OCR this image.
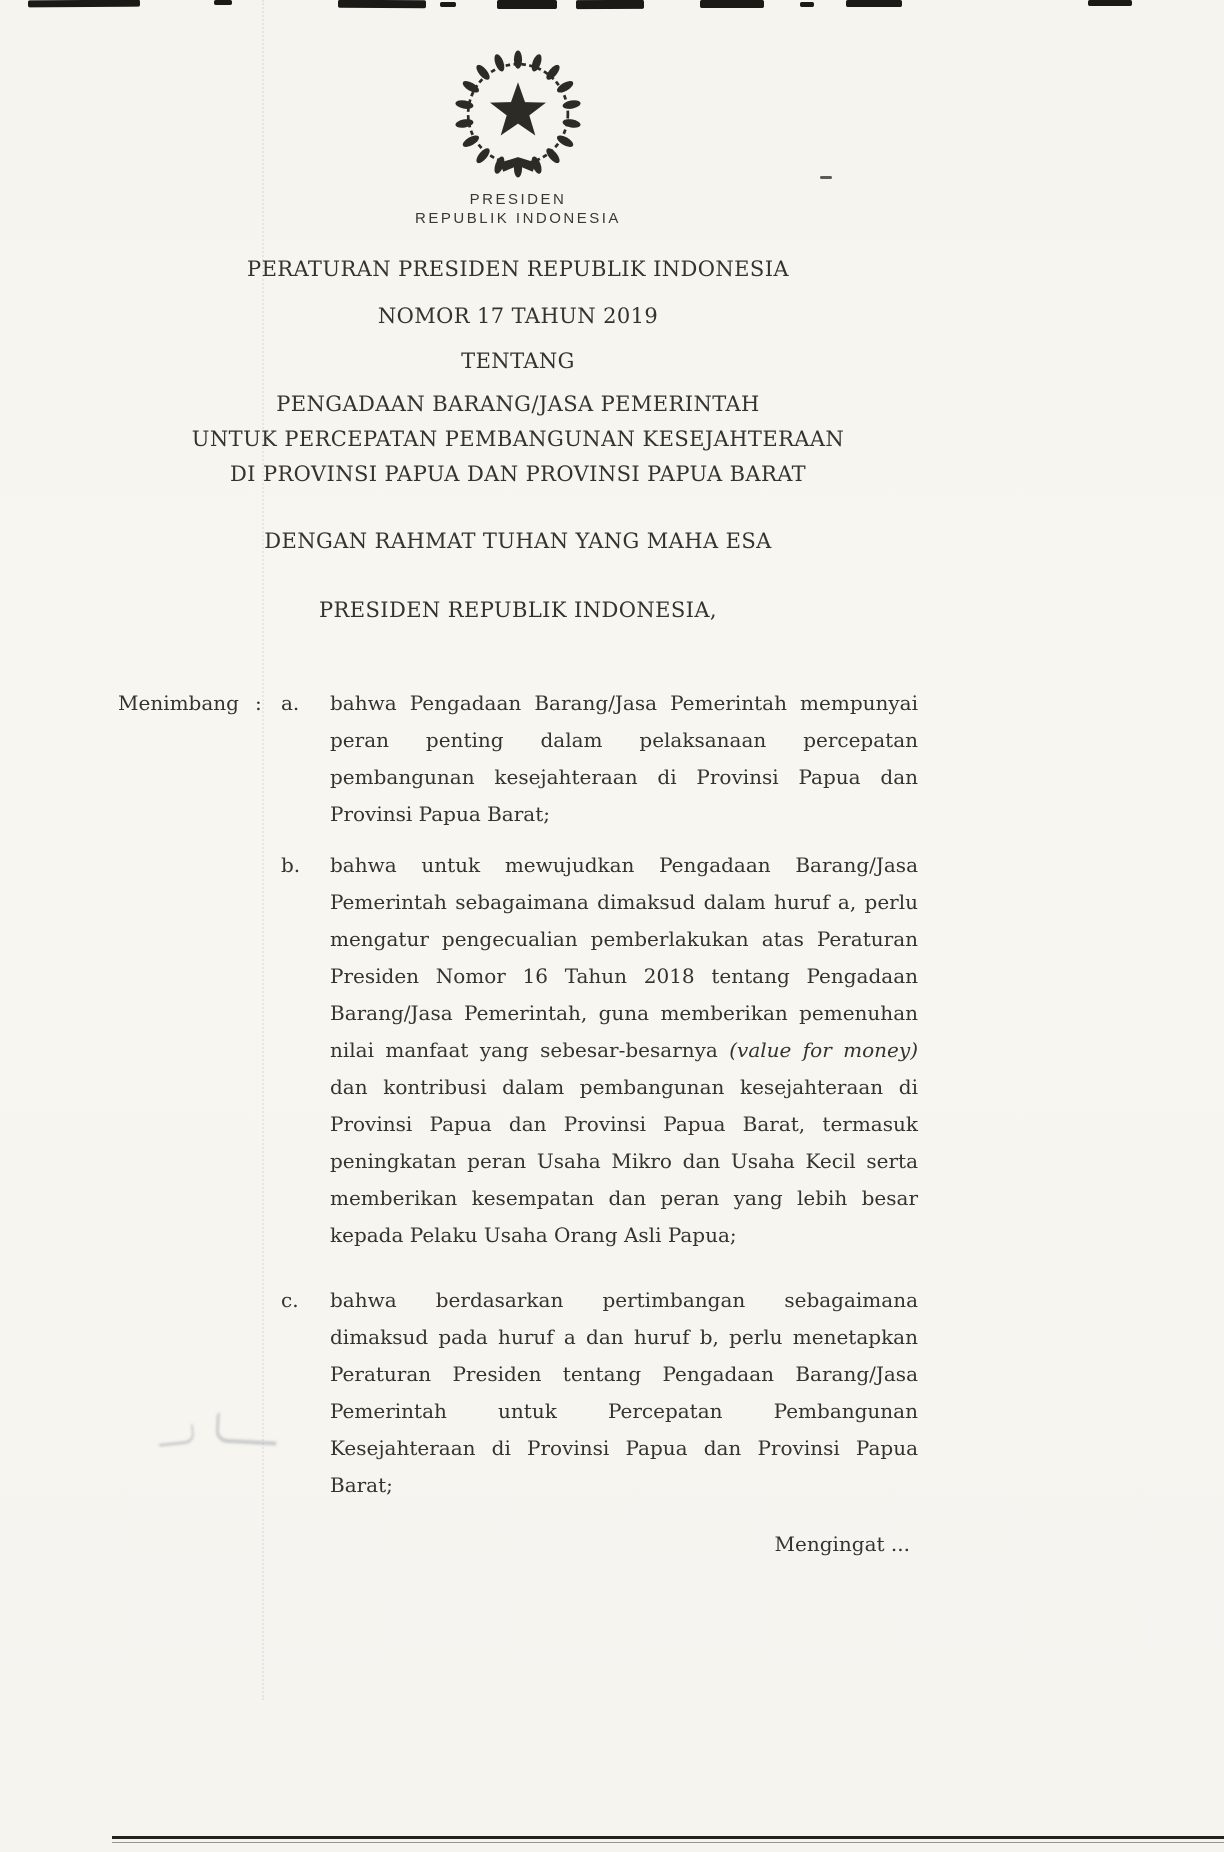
PRESIDEN
REPUBLIK INDONESIA
PERATURAN PRESIDEN REPUBLIK INDONESIA
NOMOR 17 TAHUN 2019
TENTANG
PENGADAAN BARANG/JASA PEMERINTAH
UNTUK PERCEPATAN PEMBANGUNAN KESEJAHTERAAN
DI PROVINSI PAPUA DAN PROVINSI PAPUA BARAT
DENGAN RAHMAT TUHAN YANG MAHA ESA
PRESIDEN REPUBLIK INDONESIA,
Menimbang : a.	bahwa Pengadaan Barang/Jasa Pemerintah mempunyai peran penting dalam pelaksanaan percepatan pembangunan kesejahteraan di Provinsi Papua dan Provinsi Papua Barat;
b.	bahwa untuk mewujudkan Pengadaan Barang/Jasa Pemerintah sebagaimana dimaksud dalam huruf a, perlu mengatur pengecualian pemberlakukan atas Peraturan Presiden Nomor 16 Tahun 2018 tentang Pengadaan Barang/Jasa Pemerintah, guna memberikan pemenuhan nilai manfaat yang sebesar-besarnya (value for money) dan kontribusi dalam pembangunan kesejahteraan di Provinsi Papua dan Provinsi Papua Barat, termasuk peningkatan peran Usaha Mikro dan Usaha Kecil serta memberikan kesempatan dan peran yang lebih besar kepada Pelaku Usaha Orang Asli Papua;
c.	bahwa berdasarkan pertimbangan sebagaimana dimaksud pada huruf a dan huruf b, perlu menetapkan Peraturan Presiden tentang Pengadaan Barang/Jasa Pemerintah untuk Percepatan Pembangunan Kesejahteraan di Provinsi Papua dan Provinsi Papua Barat;
Mengingat ...
